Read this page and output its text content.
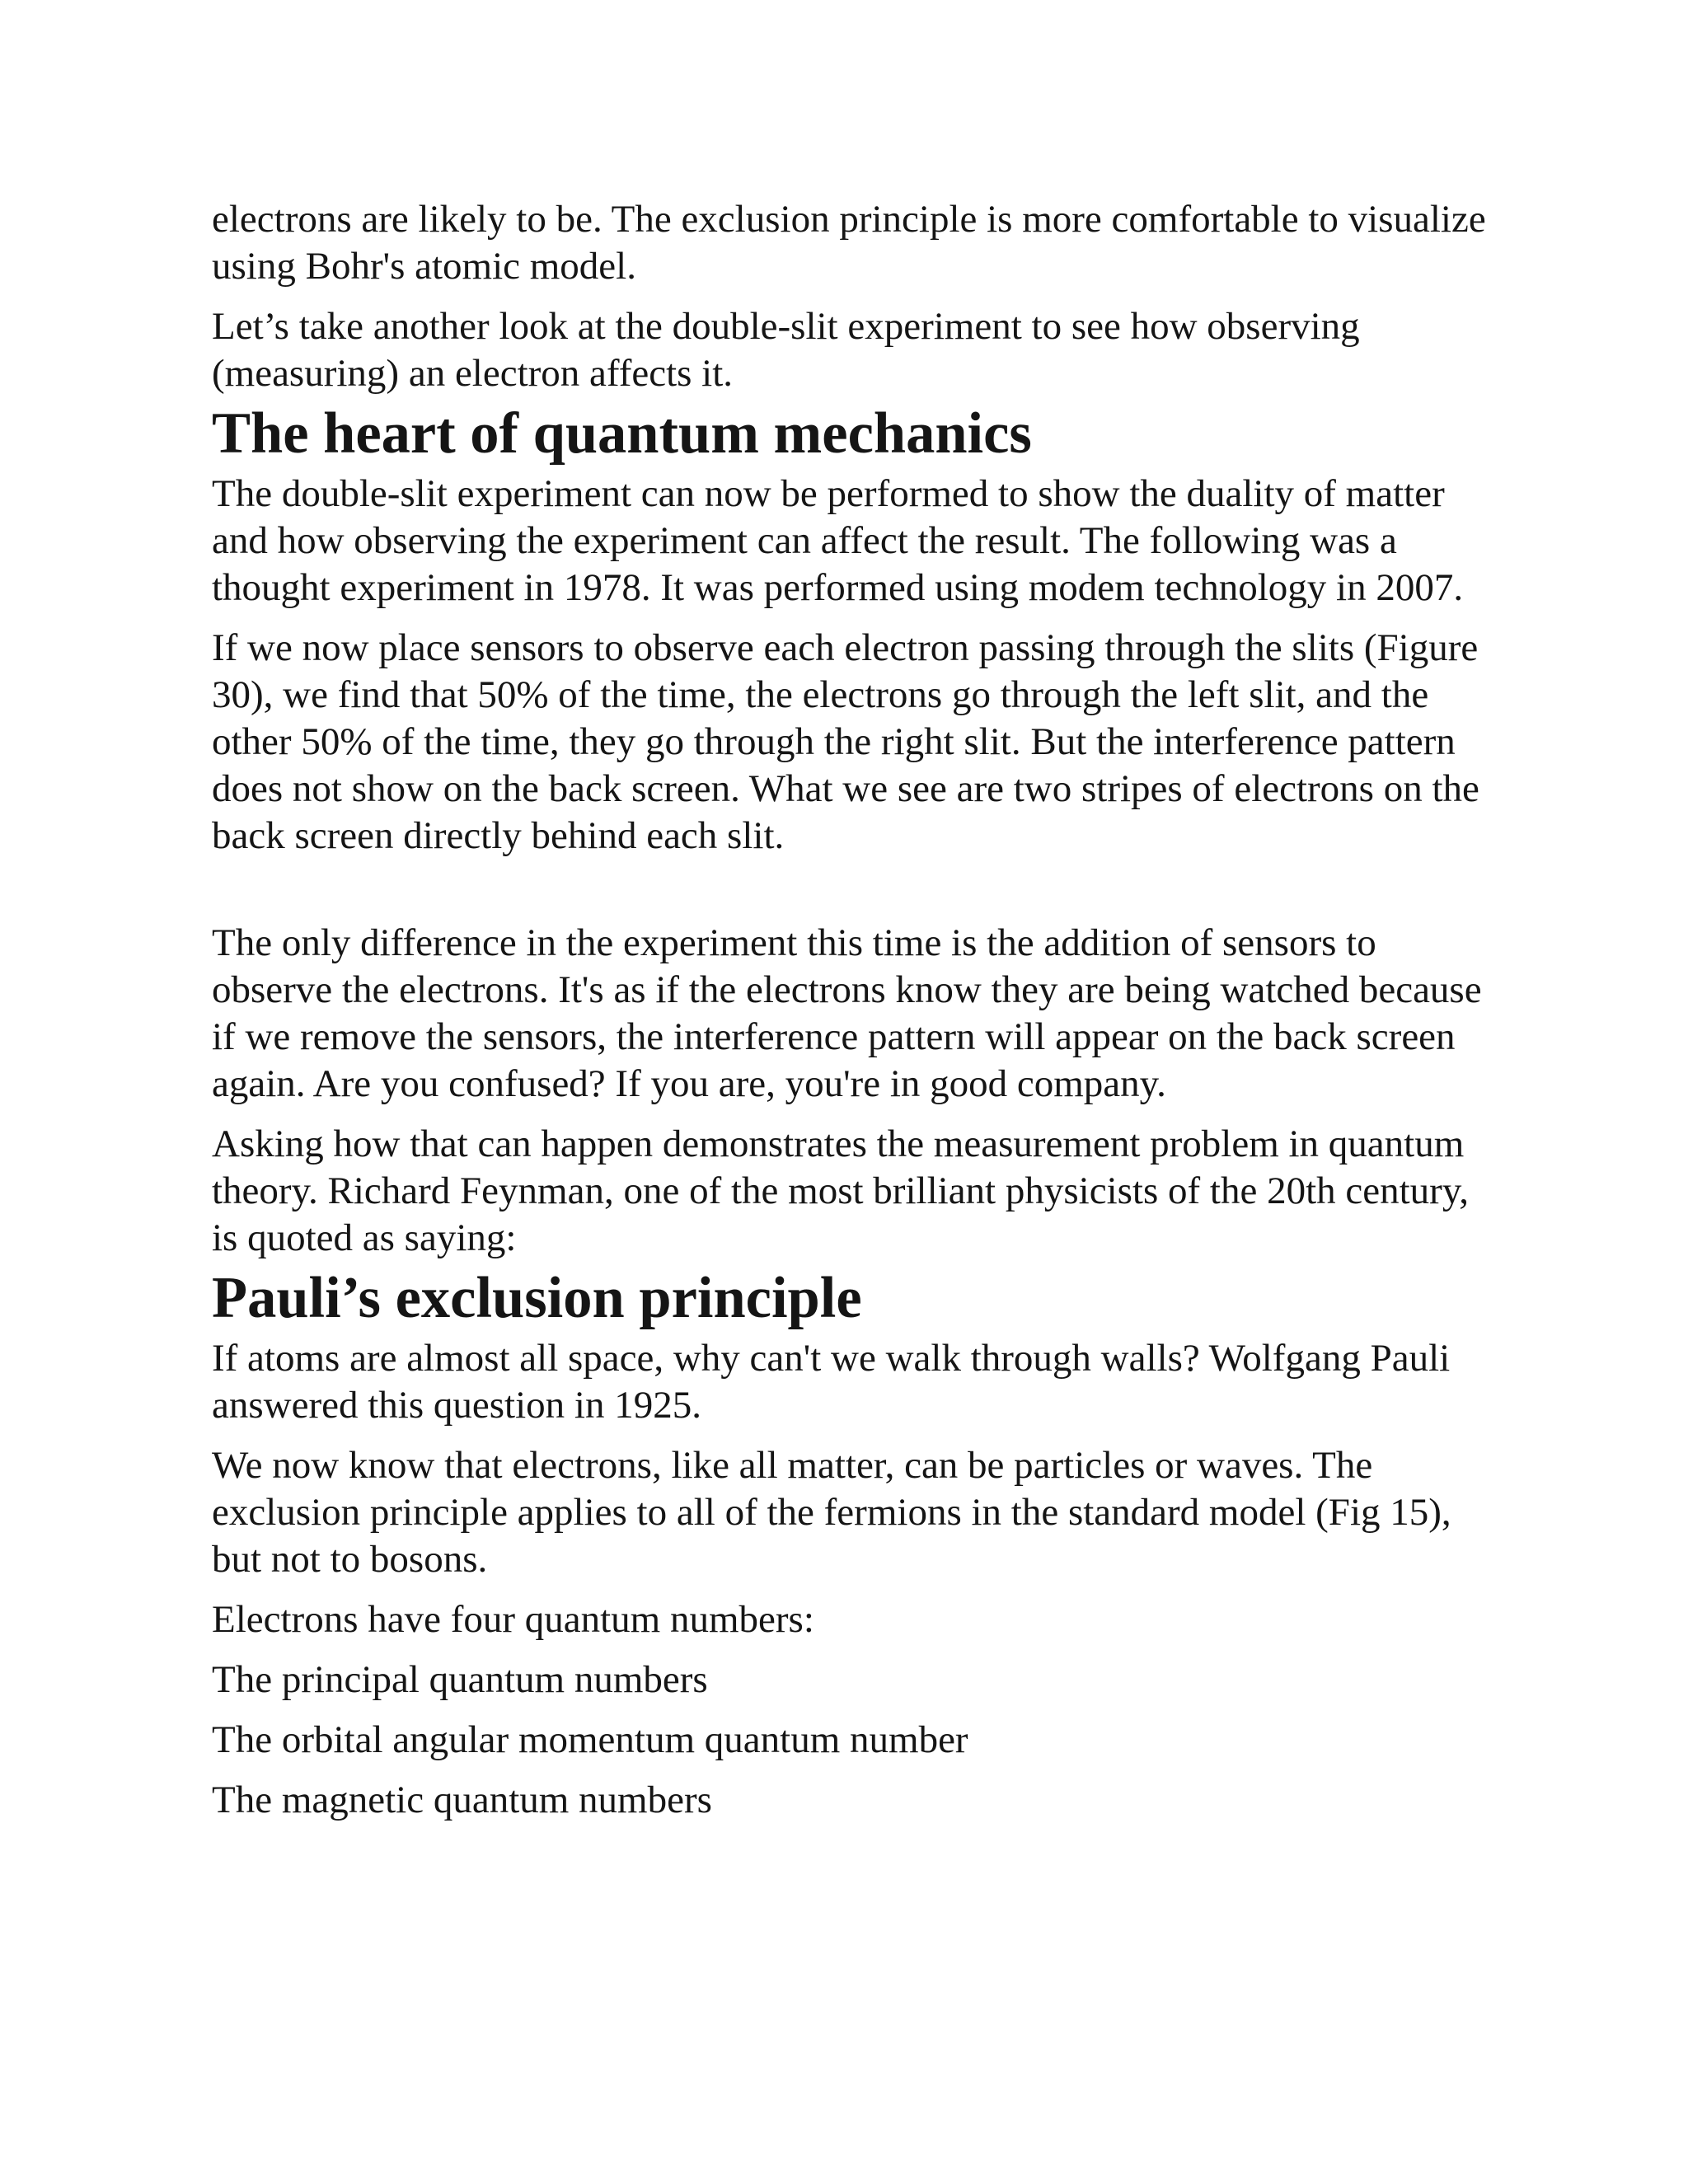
electrons are likely to be. The exclusion principle is more comfortable to visualize using Bohr's atomic model.

Let’s take another look at the double-slit experiment to see how observing (measuring) an electron affects it.

The heart of quantum mechanics

The double-slit experiment can now be performed to show the duality of matter and how observing the experiment can affect the result. The following was a thought experiment in 1978. It was performed using modem technology in 2007.

If we now place sensors to observe each electron passing through the slits (Figure 30), we find that 50% of the time, the electrons go through the left slit, and the other 50% of the time, they go through the right slit. But the interference pattern does not show on the back screen. What we see are two stripes of electrons on the back screen directly behind each slit.

The only difference in the experiment this time is the addition of sensors to observe the electrons. It's as if the electrons know they are being watched because if we remove the sensors, the interference pattern will appear on the back screen again. Are you confused? If you are, you're in good company.

Asking how that can happen demonstrates the measurement problem in quantum theory. Richard Feynman, one of the most brilliant physicists of the 20th century, is quoted as saying:

Pauli’s exclusion principle

If atoms are almost all space, why can't we walk through walls? Wolfgang Pauli answered this question in 1925.

We now know that electrons, like all matter, can be particles or waves. The exclusion principle applies to all of the fermions in the standard model (Fig 15), but not to bosons.

Electrons have four quantum numbers:

The principal quantum numbers

The orbital angular momentum quantum number

The magnetic quantum numbers
